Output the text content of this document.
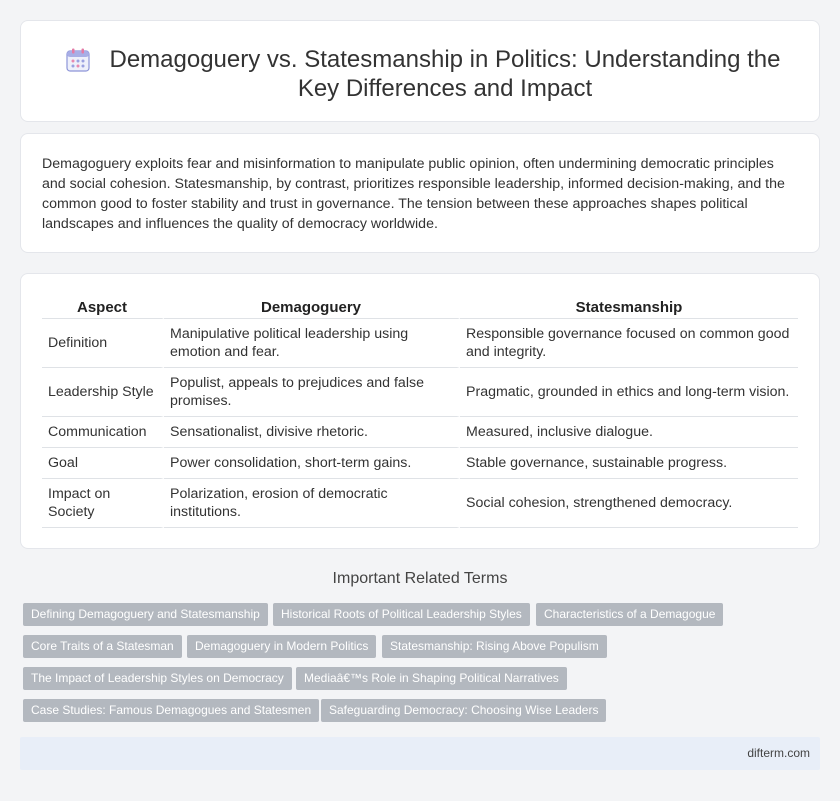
Demagoguery vs. Statesmanship in Politics: Understanding the Key Differences and Impact

Demagoguery exploits fear and misinformation to manipulate public opinion, often undermining democratic principles and social cohesion. Statesmanship, by contrast, prioritizes responsible leadership, informed decision-making, and the common good to foster stability and trust in governance. The tension between these approaches shapes political landscapes and influences the quality of democracy worldwide.

Aspect	Demagoguery	Statesmanship
Definition	Manipulative political leadership using emotion and fear.	Responsible governance focused on common good and integrity.
Leadership Style	Populist, appeals to prejudices and false promises.	Pragmatic, grounded in ethics and long-term vision.
Communication	Sensationalist, divisive rhetoric.	Measured, inclusive dialogue.
Goal	Power consolidation, short-term gains.	Stable governance, sustainable progress.
Impact on Society	Polarization, erosion of democratic institutions.	Social cohesion, strengthened democracy.
Important Related Terms
Defining Demagoguery and Statesmanship	Historical Roots of Political Leadership Styles	Characteristics of a Demagogue
Core Traits of a Statesman	Demagoguery in Modern Politics	Statesmanship: Rising Above Populism
The Impact of Leadership Styles on Democracy	Mediaâ€™s Role in Shaping Political Narratives
Case Studies: Famous Demagogues and Statesmen	Safeguarding Democracy: Choosing Wise Leaders
difterm.com
